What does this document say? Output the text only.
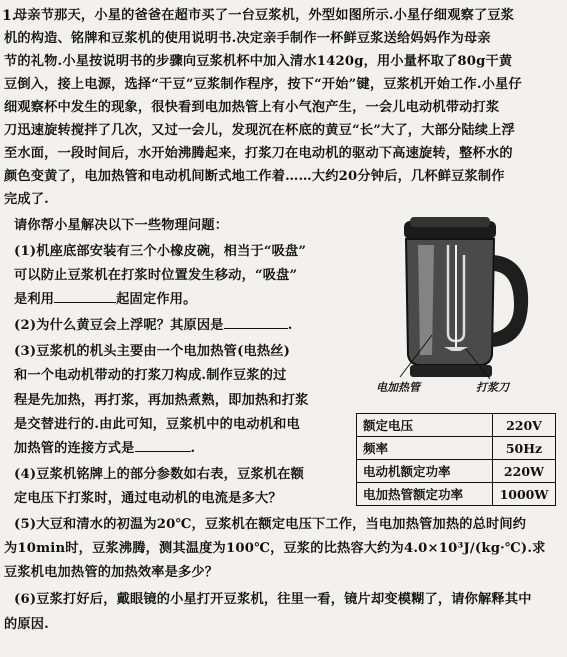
1.
母亲节那天，小星的爸爸在超市买了一台豆浆机，外型如图所示.小星仔细观察了豆浆
机的构造、铭牌和豆浆机的使用说明书.决定亲手制作一杯鲜豆浆送给妈妈作为母亲
节的礼物.小星按说明书的步骤向豆浆机杯中加入清水1420g，用小量杯取了80g干黄
豆倒入，接上电源，选择“干豆”豆浆制作程序，按下“开始”键，豆浆机开始工作.小星仔
细观察杯中发生的现象，很快看到电加热管上有小气泡产生，一会儿电动机带动打浆
刀迅速旋转搅拌了几次，又过一会儿，发现沉在杯底的黄豆“长”大了，大部分陆续上浮
至水面，一段时间后，水开始沸腾起来，打浆刀在电动机的驱动下高速旋转，整杯水的
颜色变黄了，电加热管和电动机间断式地工作着……大约20分钟后，几杯鲜豆浆制作
完成了.
请你帮小星解决以下一些物理问题：
(1)机座底部安装有三个小橡皮碗，相当于“吸盘”
可以防止豆浆机在打浆时位置发生移动，“吸盘”
是利用	起固定作用。
(2)为什么黄豆会上浮呢？其原因是	.
(3)豆浆机的机头主要由一个电加热管(电热丝)
和一个电动机带动的打浆刀构成.制作豆浆的过
程是先加热，再打浆，再加热煮熟，即加热和打浆
是交替进行的.由此可知，豆浆机中的电动机和电
加热管的连接方式是	.
(4)豆浆机铭牌上的部分参数如右表，豆浆机在额
定电压下打浆时，通过电动机的电流是多大？
(5)大豆和清水的初温为20℃，豆浆机在额定电压下工作，当电加热管加热的总时间约
为10min时，豆浆沸腾，测其温度为100℃，豆浆的比热容大约为4.0×10³J/(kg·℃).求
豆浆机电加热管的加热效率是多少？
(6)豆浆打好后，戴眼镜的小星打开豆浆机，往里一看，镜片却变模糊了，请你解释其中
的原因.
电加热管	打浆刀
额定电压	220V
频率	50Hz
电动机额定功率	220W
电加热管额定功率	1000W
